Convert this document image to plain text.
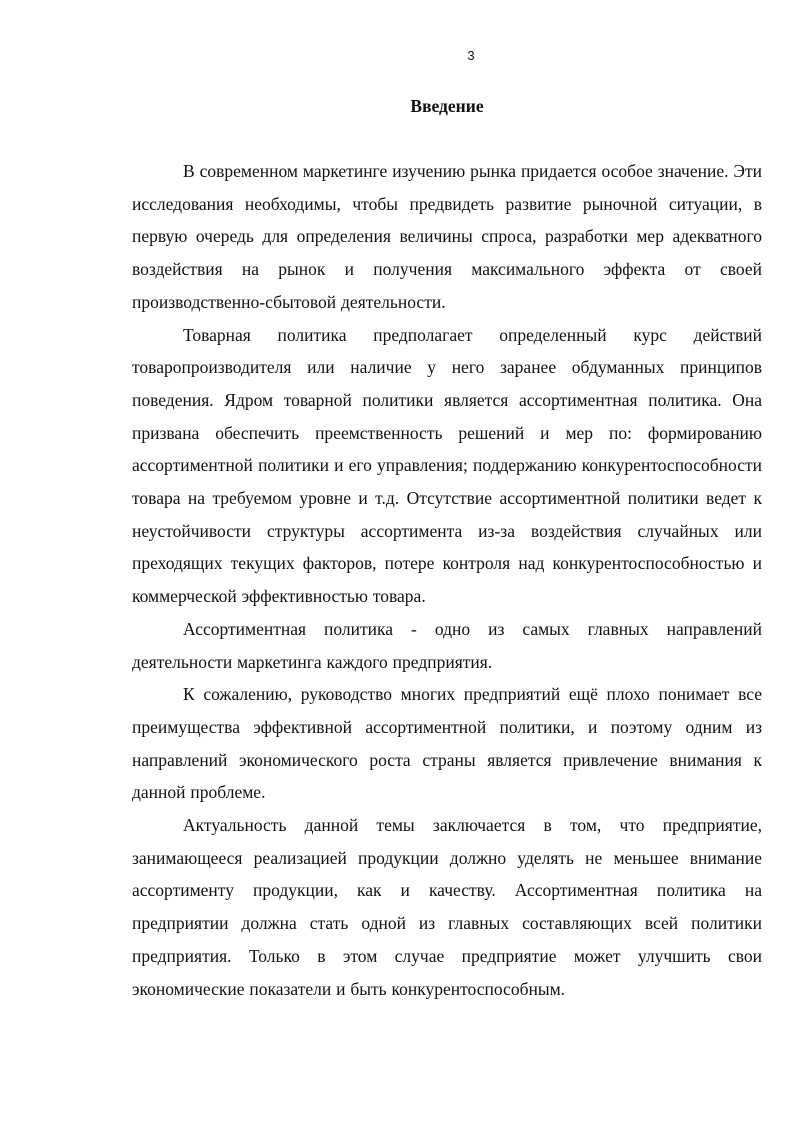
3
Введение

В современном маркетинге изучению рынка придается особое значение. Эти исследования необходимы, чтобы предвидеть развитие рыночной ситуации, в первую очередь для определения величины спроса, разработки мер адекватного воздействия на рынок и получения максимального эффекта от своей производственно-сбытовой деятельности.

Товарная политика предполагает определенный курс действий товаропроизводителя или наличие у него заранее обдуманных принципов поведения. Ядром товарной политики является ассортиментная политика. Она призвана обеспечить преемственность решений и мер по: формированию ассортиментной политики и его управления; поддержанию конкурентоспособности товара на требуемом уровне и т.д. Отсутствие ассортиментной политики ведет к неустойчивости структуры ассортимента из-за воздействия случайных или преходящих текущих факторов, потере контроля над конкурентоспособностью и коммерческой эффективностью товара.

Ассортиментная политика - одно из самых главных направлений деятельности маркетинга каждого предприятия.

К сожалению, руководство многих предприятий ещё плохо понимает все преимущества эффективной ассортиментной политики, и поэтому одним из направлений экономического роста страны является привлечение внимания к данной проблеме.

Актуальность данной темы заключается в том, что предприятие, занимающееся реализацией продукции должно уделять не меньшее внимание ассортименту продукции, как и качеству. Ассортиментная политика на предприятии должна стать одной из главных составляющих всей политики предприятия. Только в этом случае предприятие может улучшить свои экономические показатели и быть конкурентоспособным.
